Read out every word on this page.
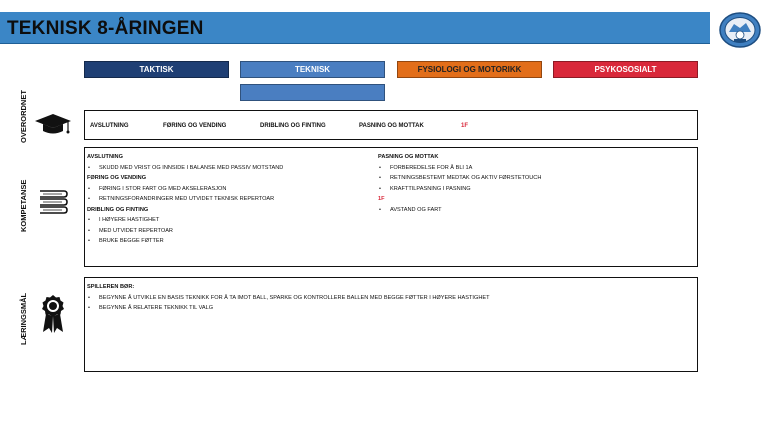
TEKNISK 8-ÅRINGEN
TAKTISK	TEKNISK	FYSIOLOGI OG MOTORIKK	PSYKOSOSIALT
OVERORDNET	AVSLUTNING	FØRING OG VENDING	DRIBLING OG FINTING	PASNING OG MOTTAK	1F
KOMPETANSE
AVSLUTNING
• SKUDD MED VRIST OG INNSIDE I BALANSE MED PASSIV MOTSTAND
FØRING OG VENDING
• FØRING I STOR FART OG MED AKSELERASJON
• RETNINGSFORANDRINGER MED UTVIDET TEKNISK REPERTOAR
DRIBLING OG FINTING
• I HØYERE HASTIGHET
• MED UTVIDET REPERTOAR
• BRUKE BEGGE FØTTER
PASNING OG MOTTAK
• FORBEREDELSE FOR Å BLI 1A
• RETNINGSBESTEMT MEDTAK OG AKTIV FØRSTETOUCH
• KRAFTTILPASNING I PASNING
1F
• AVSTAND OG FART
LÆRINGSMÅL
SPILLEREN BØR:
• BEGYNNE Å UTVIKLE EN BASIS TEKNIKK FOR Å TA IMOT BALL, SPARKE OG KONTROLLERE BALLEN MED BEGGE FØTTER I HØYERE HASTIGHET
• BEGYNNE Å RELATERE TEKNIKK TIL VALG
